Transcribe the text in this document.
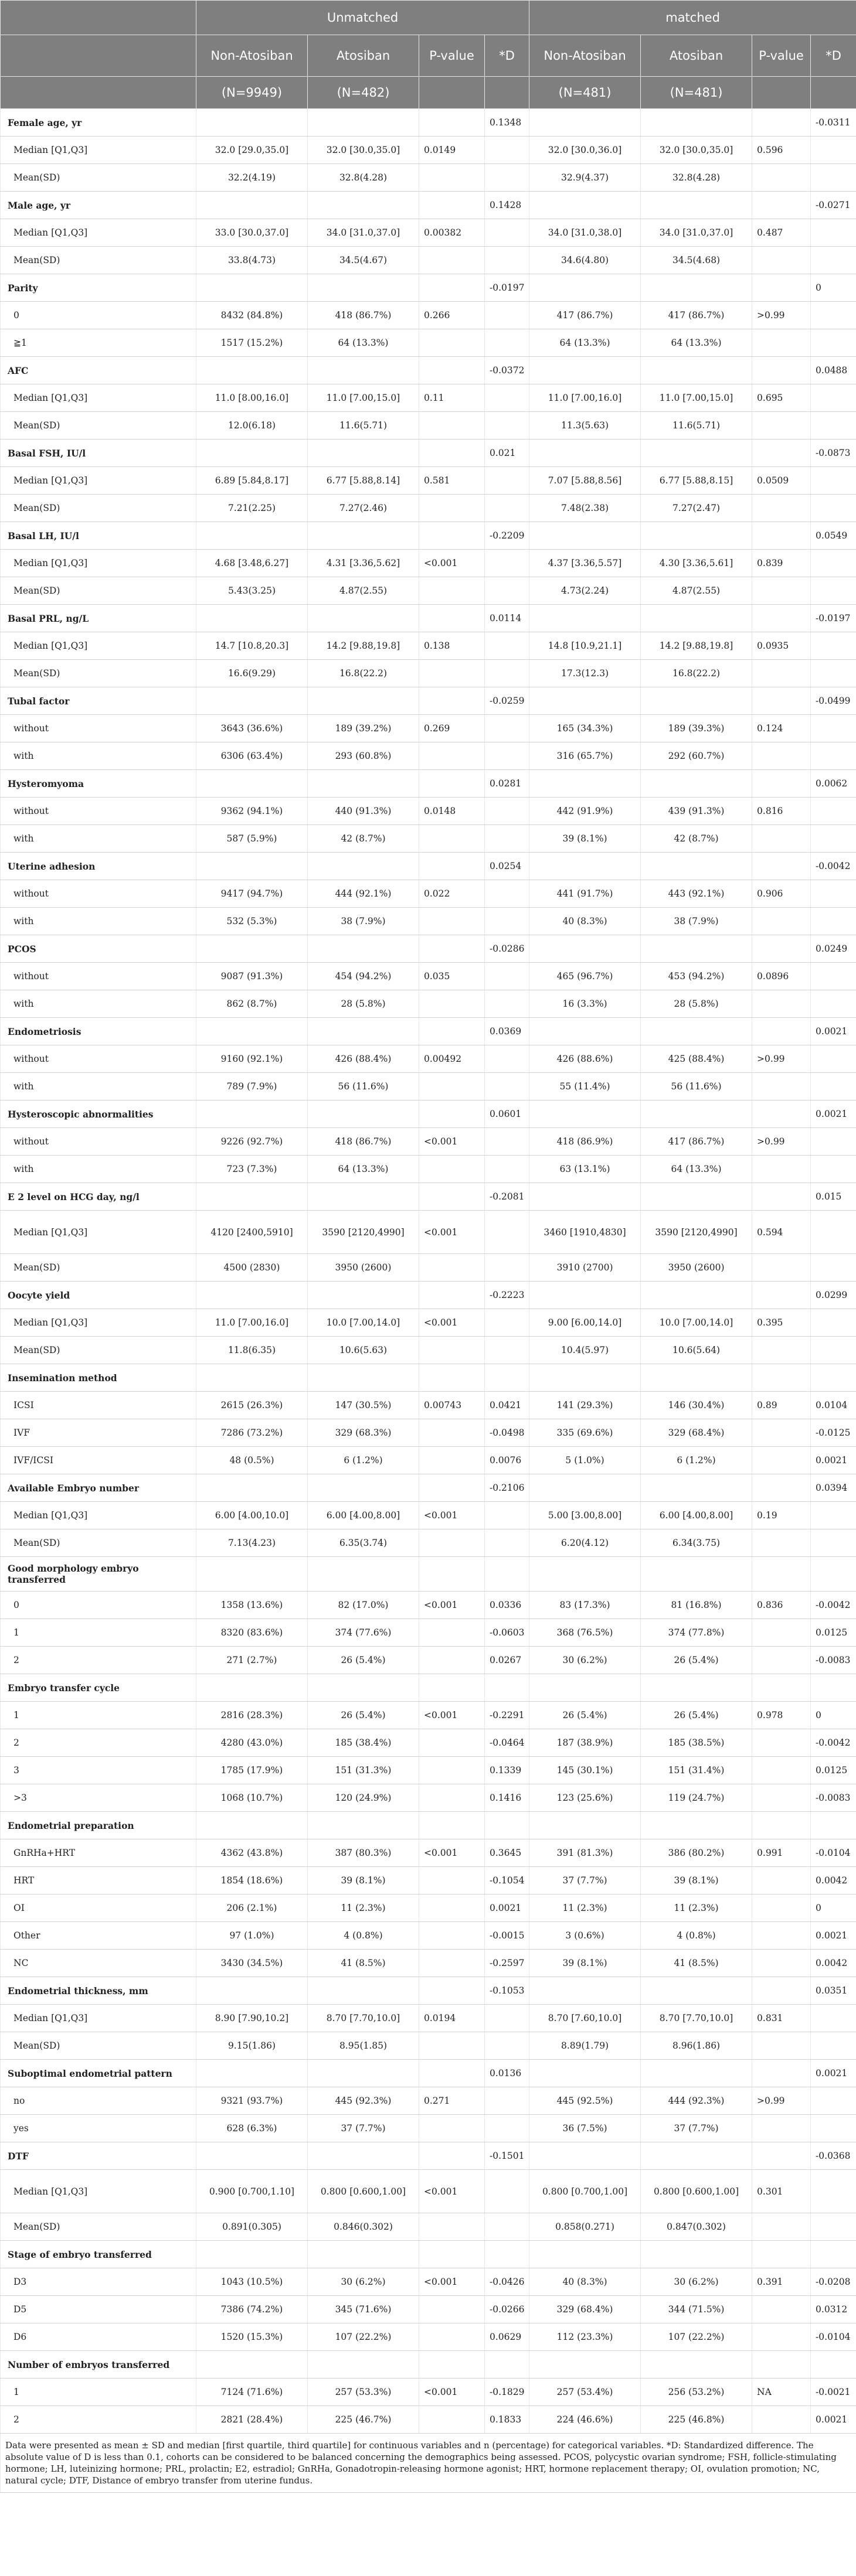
	Unmatched				matched			
	Non-Atosiban	Atosiban	P-value	*D	Non-Atosiban	Atosiban	P-value	*D
	(N=9949)	(N=482)			(N=481)	(N=481)		
Female age, yr				0.1348				-0.0311
Median [Q1,Q3]	32.0 [29.0,35.0]	32.0 [30.0,35.0]	0.0149		32.0 [30.0,36.0]	32.0 [30.0,35.0]	0.596	
Mean(SD)	32.2(4.19)	32.8(4.28)			32.9(4.37)	32.8(4.28)		
Male age, yr				0.1428				-0.0271
Median [Q1,Q3]	33.0 [30.0,37.0]	34.0 [31.0,37.0]	0.00382		34.0 [31.0,38.0]	34.0 [31.0,37.0]	0.487	
Mean(SD)	33.8(4.73)	34.5(4.67)			34.6(4.80)	34.5(4.68)		
Parity				-0.0197				0
0	8432 (84.8%)	418 (86.7%)	0.266		417 (86.7%)	417 (86.7%)	>0.99	
≧1	1517 (15.2%)	64 (13.3%)			64 (13.3%)	64 (13.3%)		
AFC				-0.0372				0.0488
Median [Q1,Q3]	11.0 [8.00,16.0]	11.0 [7.00,15.0]	0.11		11.0 [7.00,16.0]	11.0 [7.00,15.0]	0.695	
Mean(SD)	12.0(6.18)	11.6(5.71)			11.3(5.63)	11.6(5.71)		
Basal FSH, IU/l				0.021				-0.0873
Median [Q1,Q3]	6.89 [5.84,8.17]	6.77 [5.88,8.14]	0.581		7.07 [5.88,8.56]	6.77 [5.88,8.15]	0.0509	
Mean(SD)	7.21(2.25)	7.27(2.46)			7.48(2.38)	7.27(2.47)		
Basal LH, IU/l				-0.2209				0.0549
Median [Q1,Q3]	4.68 [3.48,6.27]	4.31 [3.36,5.62]	<0.001		4.37 [3.36,5.57]	4.30 [3.36,5.61]	0.839	
Mean(SD)	5.43(3.25)	4.87(2.55)			4.73(2.24)	4.87(2.55)		
Basal PRL, ng/L				0.0114				-0.0197
Median [Q1,Q3]	14.7 [10.8,20.3]	14.2 [9.88,19.8]	0.138		14.8 [10.9,21.1]	14.2 [9.88,19.8]	0.0935	
Mean(SD)	16.6(9.29)	16.8(22.2)			17.3(12.3)	16.8(22.2)		
Tubal factor				-0.0259				-0.0499
without	3643 (36.6%)	189 (39.2%)	0.269		165 (34.3%)	189 (39.3%)	0.124	
with	6306 (63.4%)	293 (60.8%)			316 (65.7%)	292 (60.7%)		
Hysteromyoma				0.0281				0.0062
without	9362 (94.1%)	440 (91.3%)	0.0148		442 (91.9%)	439 (91.3%)	0.816	
with	587 (5.9%)	42 (8.7%)			39 (8.1%)	42 (8.7%)		
Uterine adhesion				0.0254				-0.0042
without	9417 (94.7%)	444 (92.1%)	0.022		441 (91.7%)	443 (92.1%)	0.906	
with	532 (5.3%)	38 (7.9%)			40 (8.3%)	38 (7.9%)		
PCOS				-0.0286				0.0249
without	9087 (91.3%)	454 (94.2%)	0.035		465 (96.7%)	453 (94.2%)	0.0896	
with	862 (8.7%)	28 (5.8%)			16 (3.3%)	28 (5.8%)		
Endometriosis				0.0369				0.0021
without	9160 (92.1%)	426 (88.4%)	0.00492		426 (88.6%)	425 (88.4%)	>0.99	
with	789 (7.9%)	56 (11.6%)			55 (11.4%)	56 (11.6%)		
Hysteroscopic abnormalities				0.0601				0.0021
without	9226 (92.7%)	418 (86.7%)	<0.001		418 (86.9%)	417 (86.7%)	>0.99	
with	723 (7.3%)	64 (13.3%)			63 (13.1%)	64 (13.3%)		
E 2 level on HCG day, ng/l				-0.2081				0.015
Median [Q1,Q3]	4120 [2400,5910]	3590 [2120,4990]	<0.001		3460 [1910,4830]	3590 [2120,4990]	0.594	
Mean(SD)	4500 (2830)	3950 (2600)			3910 (2700)	3950 (2600)		
Oocyte yield				-0.2223				0.0299
Median [Q1,Q3]	11.0 [7.00,16.0]	10.0 [7.00,14.0]	<0.001		9.00 [6.00,14.0]	10.0 [7.00,14.0]	0.395	
Mean(SD)	11.8(6.35)	10.6(5.63)			10.4(5.97)	10.6(5.64)		
Insemination method								
ICSI	2615 (26.3%)	147 (30.5%)	0.00743	0.0421	141 (29.3%)	146 (30.4%)	0.89	0.0104
IVF	7286 (73.2%)	329 (68.3%)		-0.0498	335 (69.6%)	329 (68.4%)		-0.0125
IVF/ICSI	48 (0.5%)	6 (1.2%)		0.0076	5 (1.0%)	6 (1.2%)		0.0021
Available Embryo number				-0.2106				0.0394
Median [Q1,Q3]	6.00 [4.00,10.0]	6.00 [4.00,8.00]	<0.001		5.00 [3.00,8.00]	6.00 [4.00,8.00]	0.19	
Mean(SD)	7.13(4.23)	6.35(3.74)			6.20(4.12)	6.34(3.75)		
Good morphology embryo transferred								
0	1358 (13.6%)	82 (17.0%)	<0.001	0.0336	83 (17.3%)	81 (16.8%)	0.836	-0.0042
1	8320 (83.6%)	374 (77.6%)		-0.0603	368 (76.5%)	374 (77.8%)		0.0125
2	271 (2.7%)	26 (5.4%)		0.0267	30 (6.2%)	26 (5.4%)		-0.0083
Embryo transfer cycle								
1	2816 (28.3%)	26 (5.4%)	<0.001	-0.2291	26 (5.4%)	26 (5.4%)	0.978	0
2	4280 (43.0%)	185 (38.4%)		-0.0464	187 (38.9%)	185 (38.5%)		-0.0042
3	1785 (17.9%)	151 (31.3%)		0.1339	145 (30.1%)	151 (31.4%)		0.0125
>3	1068 (10.7%)	120 (24.9%)		0.1416	123 (25.6%)	119 (24.7%)		-0.0083
Endometrial preparation								
GnRHa+HRT	4362 (43.8%)	387 (80.3%)	<0.001	0.3645	391 (81.3%)	386 (80.2%)	0.991	-0.0104
HRT	1854 (18.6%)	39 (8.1%)		-0.1054	37 (7.7%)	39 (8.1%)		0.0042
OI	206 (2.1%)	11 (2.3%)		0.0021	11 (2.3%)	11 (2.3%)		0
Other	97 (1.0%)	4 (0.8%)		-0.0015	3 (0.6%)	4 (0.8%)		0.0021
NC	3430 (34.5%)	41 (8.5%)		-0.2597	39 (8.1%)	41 (8.5%)		0.0042
Endometrial thickness, mm				-0.1053				0.0351
Median [Q1,Q3]	8.90 [7.90,10.2]	8.70 [7.70,10.0]	0.0194		8.70 [7.60,10.0]	8.70 [7.70,10.0]	0.831	
Mean(SD)	9.15(1.86)	8.95(1.85)			8.89(1.79)	8.96(1.86)		
Suboptimal endometrial pattern				0.0136				0.0021
no	9321 (93.7%)	445 (92.3%)	0.271		445 (92.5%)	444 (92.3%)	>0.99	
yes	628 (6.3%)	37 (7.7%)			36 (7.5%)	37 (7.7%)		
DTF				-0.1501				-0.0368
Median [Q1,Q3]	0.900 [0.700,1.10]	0.800 [0.600,1.00]	<0.001		0.800 [0.700,1.00]	0.800 [0.600,1.00]	0.301	
Mean(SD)	0.891(0.305)	0.846(0.302)			0.858(0.271)	0.847(0.302)		
Stage of embryo transferred								
D3	1043 (10.5%)	30 (6.2%)	<0.001	-0.0426	40 (8.3%)	30 (6.2%)	0.391	-0.0208
D5	7386 (74.2%)	345 (71.6%)		-0.0266	329 (68.4%)	344 (71.5%)		0.0312
D6	1520 (15.3%)	107 (22.2%)		0.0629	112 (23.3%)	107 (22.2%)		-0.0104
Number of embryos transferred								
1	7124 (71.6%)	257 (53.3%)	<0.001	-0.1829	257 (53.4%)	256 (53.2%)	NA	-0.0021
2	2821 (28.4%)	225 (46.7%)		0.1833	224 (46.6%)	225 (46.8%)		0.0021
Data were presented as mean ± SD and median [first quartile, third quartile] for continuous variables and n (percentage) for categorical variables. *D: Standardized difference. The absolute value of D is less than 0.1, cohorts can be considered to be balanced concerning the demographics being assessed. PCOS, polycystic ovarian syndrome; FSH, follicle-stimulating hormone; LH, luteinizing hormone; PRL, prolactin; E2, estradiol; GnRHa, Gonadotropin-releasing hormone agonist; HRT, hormone replacement therapy; OI, ovulation promotion; NC, natural cycle; DTF, Distance of embryo transfer from uterine fundus.								
